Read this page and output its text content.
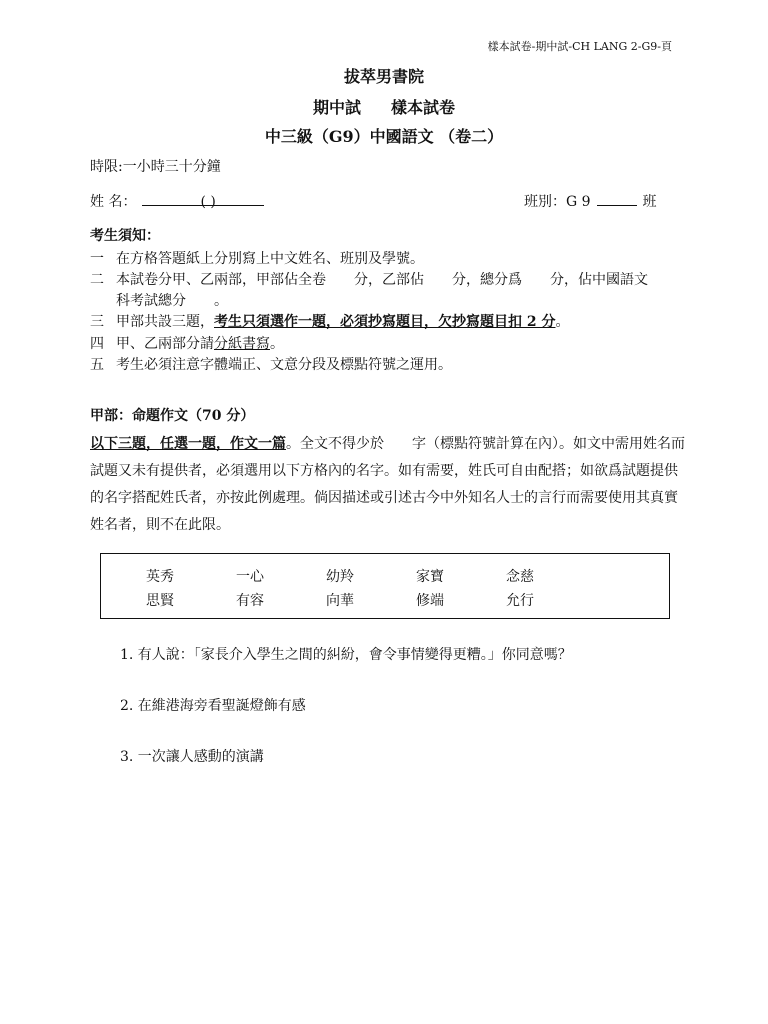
樣本試卷-期中試-CH LANG 2-G9-頁
拔萃男書院
期中試 樣本試卷
中三級（G9）中國語文 （卷二）
時限:一小時三十分鐘
姓 名：	( )	班別：G 9	班
考生須知：
一 在方格答題紙上分別寫上中文姓名、班別及學號。
二 本試卷分甲、乙兩部，甲部佔全卷　　分，乙部佔　　分，總分爲　　分，佔中國語文
科考試總分　　。
三 甲部共設三題，考生只須選作一題，必須抄寫題目，欠抄寫題目扣 2 分。
四 甲、乙兩部分請分紙書寫。
五 考生必須注意字體端正、文意分段及標點符號之運用。
甲部：命題作文（70 分）
以下三題，任選一題，作文一篇。全文不得少於　　字（標點符號計算在內）。如文中需用姓名而試題又未有提供者，必須選用以下方格內的名字。如有需要，姓氏可自由配搭；如欲爲試題提供的名字搭配姓氏者，亦按此例處理。倘因描述或引述古今中外知名人士的言行而需要使用其真實姓名者，則不在此限。
英秀	一心	幼羚	家寶	念慈
思賢	有容	向華	修端	允行
1. 有人說：「家長介入學生之間的糾紛，會令事情變得更糟。」你同意嗎？
2. 在維港海旁看聖誕燈飾有感
3. 一次讓人感動的演講
